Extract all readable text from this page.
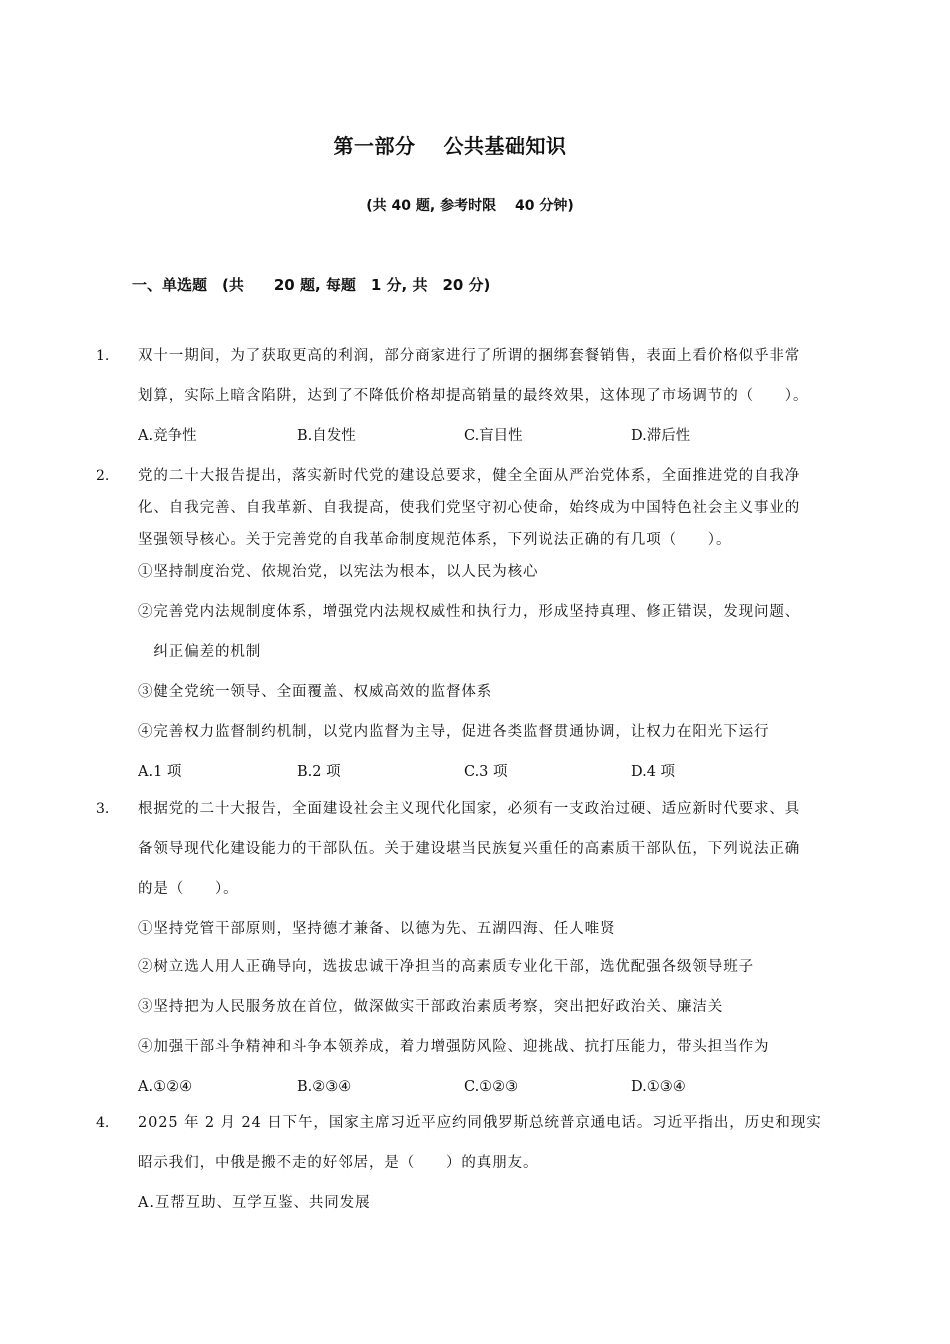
第一部分　 公共基础知识
(共 40 题, 参考时限　 40 分钟)
一、单选题　(共　　20 题, 每题　1 分, 共　20 分)
1. 双十一期间，为了获取更高的利润，部分商家进行了所谓的捆绑套餐销售，表面上看价格似乎非常
划算，实际上暗含陷阱，达到了不降低价格却提高销量的最终效果，这体现了市场调节的（　　）。
A.竞争性	B.自发性	C.盲目性	D.滞后性
2. 党的二十大报告提出，落实新时代党的建设总要求，健全全面从严治党体系，全面推进党的自我净
化、自我完善、自我革新、自我提高，使我们党坚守初心使命，始终成为中国特色社会主义事业的
坚强领导核心。关于完善党的自我革命制度规范体系，下列说法正确的有几项（　　）。
①坚持制度治党、依规治党，以宪法为根本，以人民为核心
②完善党内法规制度体系，增强党内法规权威性和执行力，形成坚持真理、修正错误，发现问题、
　纠正偏差的机制
③健全党统一领导、全面覆盖、权威高效的监督体系
④完善权力监督制约机制，以党内监督为主导，促进各类监督贯通协调，让权力在阳光下运行
A.1 项	B.2 项	C.3 项	D.4 项
3. 根据党的二十大报告，全面建设社会主义现代化国家，必须有一支政治过硬、适应新时代要求、具
备领导现代化建设能力的干部队伍。关于建设堪当民族复兴重任的高素质干部队伍，下列说法正确
的是（　　）。
①坚持党管干部原则，坚持德才兼备、以德为先、五湖四海、任人唯贤
②树立选人用人正确导向，选拔忠诚干净担当的高素质专业化干部，选优配强各级领导班子
③坚持把为人民服务放在首位，做深做实干部政治素质考察，突出把好政治关、廉洁关
④加强干部斗争精神和斗争本领养成，着力增强防风险、迎挑战、抗打压能力，带头担当作为
A.①②④	B.②③④	C.①②③	D.①③④
4. 2025 年 2 月 24 日下午，国家主席习近平应约同俄罗斯总统普京通电话。习近平指出，历史和现实
昭示我们，中俄是搬不走的好邻居，是（　　）的真朋友。
A.互帮互助、互学互鉴、共同发展
